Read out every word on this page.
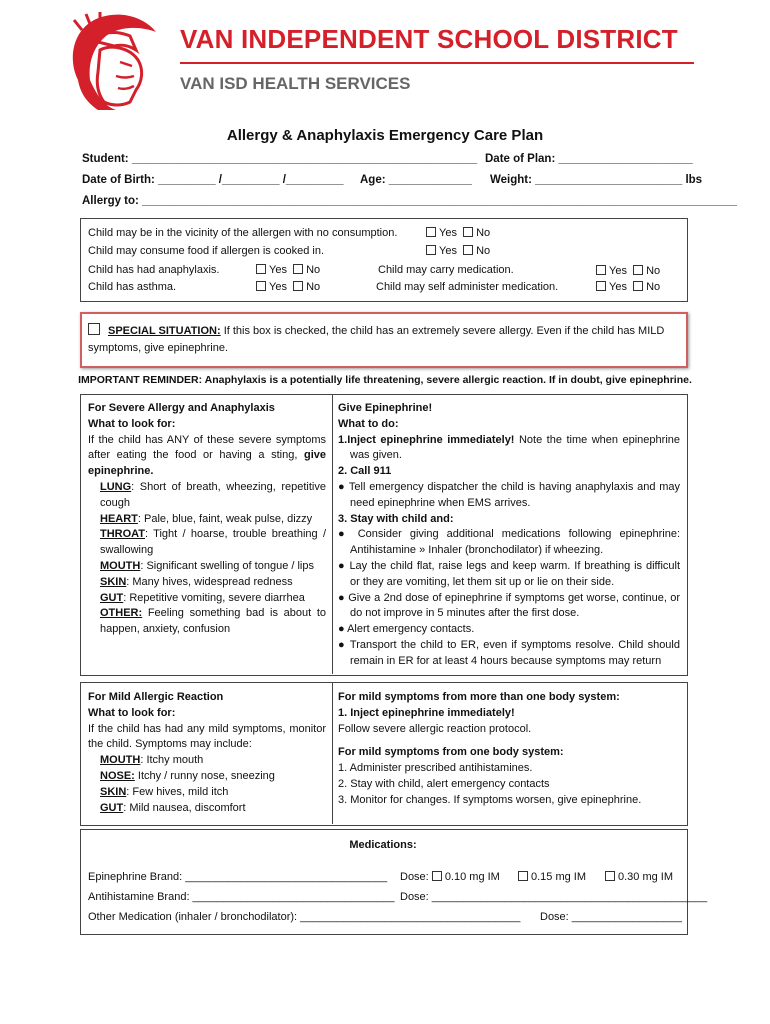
VAN INDEPENDENT SCHOOL DISTRICT
VAN ISD HEALTH SERVICES
Allergy & Anaphylaxis Emergency Care Plan
Student: ______________________________________________________ Date of Plan: _____________________
Date of Birth: _________ /_________ /_________ Age: _____________ Weight: _______________________ lbs
Allergy to: _____________________________________________________________________________________________
Child may be in the vicinity of the allergen with no consumption.	Yes No
Child may consume food if allergen is cooked in.	Yes No
Child has had anaphylaxis.	Yes No
Child has asthma.	Yes No
Child may carry medication.	Yes No
Child may self administer medication.	Yes No
SPECIAL SITUATION: If this box is checked, the child has an extremely severe allergy. Even if the child has MILD symptoms, give epinephrine.
IMPORTANT REMINDER: Anaphylaxis is a potentially life threatening, severe allergic reaction. If in doubt, give epinephrine.
For Severe Allergy and Anaphylaxis
What to look for:
If the child has ANY of these severe symptoms after eating the food or having a sting, give epinephrine.
LUNG: Short of breath, wheezing, repetitive cough
HEART: Pale, blue, faint, weak pulse, dizzy
THROAT: Tight / hoarse, trouble breathing / swallowing
MOUTH: Significant swelling of tongue / lips
SKIN: Many hives, widespread redness
GUT: Repetitive vomiting, severe diarrhea
OTHER: Feeling something bad is about to happen, anxiety, confusion
Give Epinephrine!
What to do:
1.Inject epinephrine immediately! Note the time when epinephrine was given.
2. Call 911
● Tell emergency dispatcher the child is having anaphylaxis and may need epinephrine when EMS arrives.
3. Stay with child and:
● Consider giving additional medications following epinephrine: Antihistamine » Inhaler (bronchodilator) if wheezing.
● Lay the child flat, raise legs and keep warm. If breathing is difficult or they are vomiting, let them sit up or lie on their side.
● Give a 2nd dose of epinephrine if symptoms get worse, continue, or do not improve in 5 minutes after the first dose.
● Alert emergency contacts.
● Transport the child to ER, even if symptoms resolve. Child should remain in ER for at least 4 hours because symptoms may return
For Mild Allergic Reaction
What to look for:
If the child has had any mild symptoms, monitor the child. Symptoms may include:
MOUTH: Itchy mouth
NOSE: Itchy / runny nose, sneezing
SKIN: Few hives, mild itch
GUT: Mild nausea, discomfort
For mild symptoms from more than one body system:
1. Inject epinephrine immediately!
Follow severe allergic reaction protocol.
For mild symptoms from one body system:
1. Administer prescribed antihistamines.
2. Stay with child, alert emergency contacts
3. Monitor for changes. If symptoms worsen, give epinephrine.
Medications:
Epinephrine Brand: _________________________________ Dose: 0.10 mg IM	0.15 mg IM	0.30 mg IM
Antihistamine Brand: _________________________________ Dose: _____________________________________________
Other Medication (inhaler / bronchodilator): ____________________________________ Dose: __________________
